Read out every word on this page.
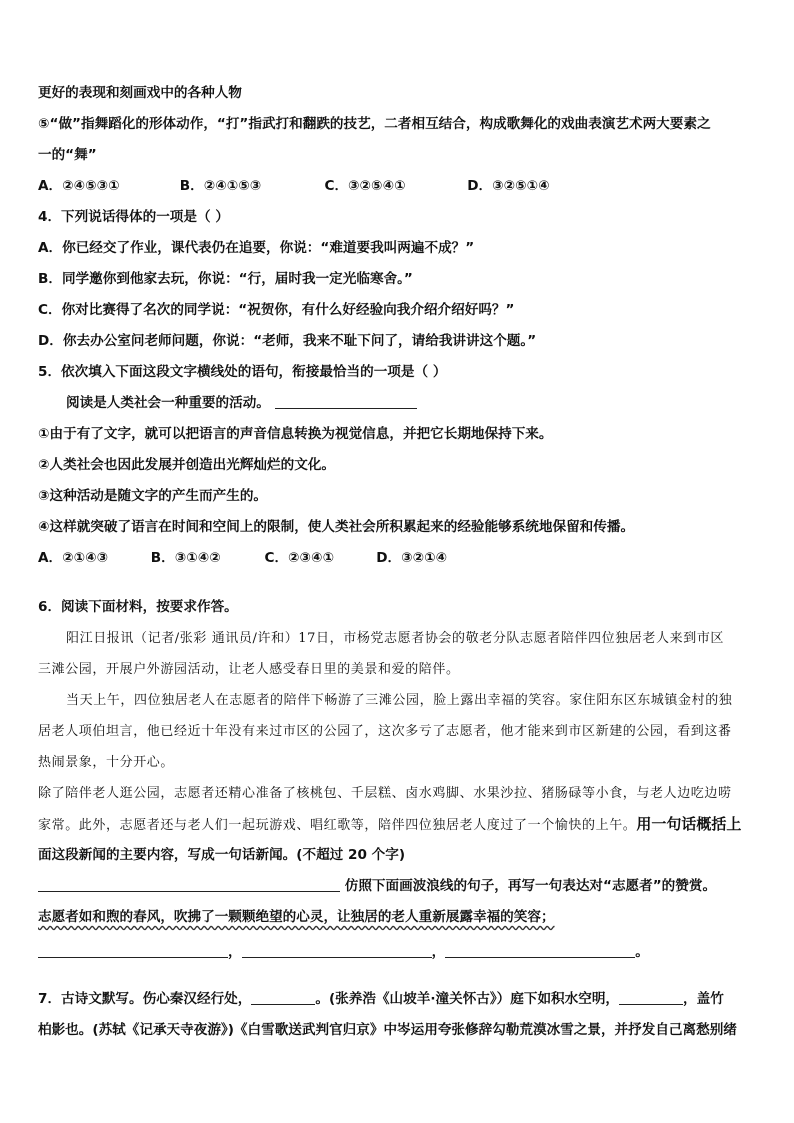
更好的表现和刻画戏中的各种人物
⑤“做”指舞蹈化的形体动作，“打”指武打和翻跌的技艺，二者相互结合，构成歌舞化的戏曲表演艺术两大要素之
一的“舞”
A．②④⑤③①	B．②④①⑤③	C．③②⑤④①	D．③②⑤①④
4．下列说话得体的一项是（ ）
A．你已经交了作业，课代表仍在追要，你说：“难道要我叫两遍不成？”
B．同学邀你到他家去玩，你说：“行，届时我一定光临寒舍。”
C．你对比赛得了名次的同学说：“祝贺你，有什么好经验向我介绍介绍好吗？”
D．你去办公室问老师问题，你说：“老师，我来不耻下问了，请给我讲讲这个题。”
5．依次填入下面这段文字横线处的语句，衔接最恰当的一项是（ ）
阅读是人类社会一种重要的活动。
①由于有了文字，就可以把语言的声音信息转换为视觉信息，并把它长期地保持下来。
②人类社会也因此发展并创造出光辉灿烂的文化。
③这种活动是随文字的产生而产生的。
④这样就突破了语言在时间和空间上的限制，使人类社会所积累起来的经验能够系统地保留和传播。
A．②①④③	B．③①④②	C．②③④①	D．③②①④
6．阅读下面材料，按要求作答。
阳江日报讯（记者/张彩 通讯员/许和）17日，市杨党志愿者协会的敬老分队志愿者陪伴四位独居老人来到市区
三滩公园，开展户外游园活动，让老人感受春日里的美景和爱的陪伴。
当天上午，四位独居老人在志愿者的陪伴下畅游了三滩公园，脸上露出幸福的笑容。家住阳东区东城镇金村的独
居老人项伯坦言，他已经近十年没有来过市区的公园了，这次多亏了志愿者，他才能来到市区新建的公园，看到这番
热闹景象，十分开心。
除了陪伴老人逛公园，志愿者还精心准备了核桃包、千层糕、卤水鸡脚、水果沙拉、猪肠碌等小食，与老人边吃边唠
家常。此外，志愿者还与老人们一起玩游戏、唱红歌等，陪伴四位独居老人度过了一个愉快的上午。用一句话概括上
面这段新闻的主要内容，写成一句话新闻。(不超过 20 个字)
仿照下面画波浪线的句子，再写一句表达对“志愿者”的赞赏。
志愿者如和煦的春风，吹拂了一颗颗绝望的心灵，让独居的老人重新展露幸福的笑容；
，	，	。
7．古诗文默写。伤心秦汉经行处，	。(张养浩《山坡羊·潼关怀古》）庭下如积水空明，	，盖竹
柏影也。(苏轼《记承天寺夜游》)《白雪歌送武判官归京》中岑运用夸张修辞勾勒荒漠冰雪之景，并抒发自己离愁别绪
